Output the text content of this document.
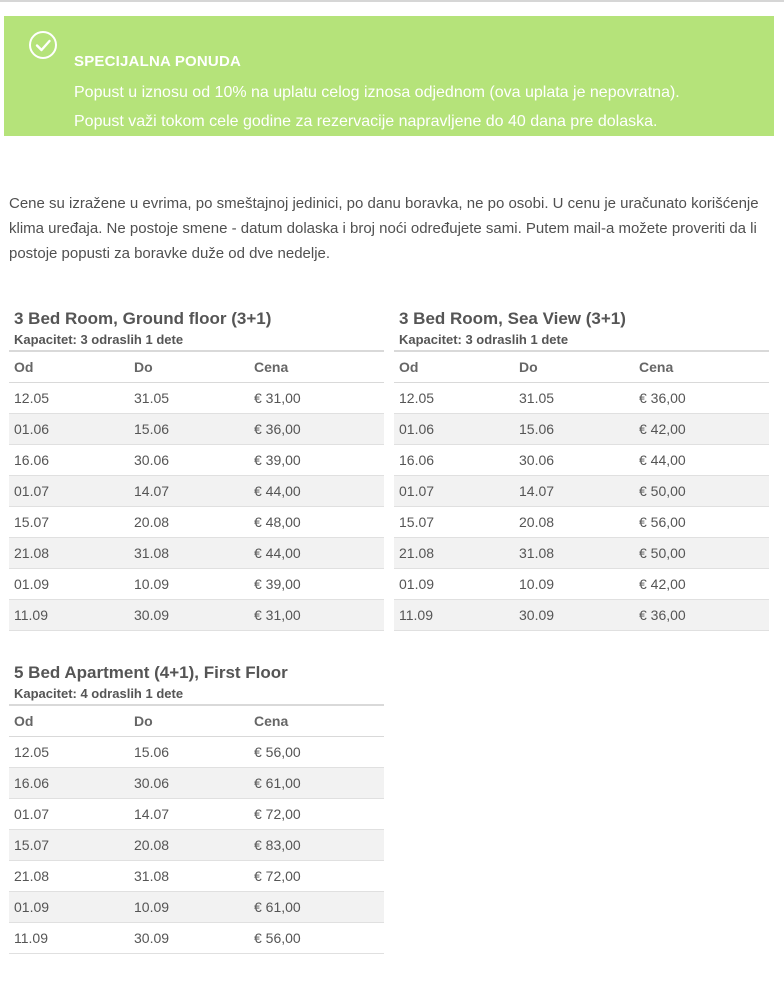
SPECIJALNA PONUDA
Popust u iznosu od 10% na uplatu celog iznosa odjednom (ova uplata je nepovratna).
Popust važi tokom cele godine za rezervacije napravljene do 40 dana pre dolaska.
Cene su izražene u evrima, po smeštajnoj jedinici, po danu boravka, ne po osobi. U cenu je uračunato korišćenje
klima uređaja. Ne postoje smene - datum dolaska i broj noći određujete sami. Putem mail-a možete proveriti da li
postoje popusti za boravke duže od dve nedelje.
3 Bed Room, Ground floor (3+1)
Kapacitet: 3 odraslih 1 dete
Od	Do	Cena
12.05	31.05	€ 31,00
01.06	15.06	€ 36,00
16.06	30.06	€ 39,00
01.07	14.07	€ 44,00
15.07	20.08	€ 48,00
21.08	31.08	€ 44,00
01.09	10.09	€ 39,00
11.09	30.09	€ 31,00
3 Bed Room, Sea View (3+1)
Kapacitet: 3 odraslih 1 dete
Od	Do	Cena
12.05	31.05	€ 36,00
01.06	15.06	€ 42,00
16.06	30.06	€ 44,00
01.07	14.07	€ 50,00
15.07	20.08	€ 56,00
21.08	31.08	€ 50,00
01.09	10.09	€ 42,00
11.09	30.09	€ 36,00
5 Bed Apartment (4+1), First Floor
Kapacitet: 4 odraslih 1 dete
Od	Do	Cena
12.05	15.06	€ 56,00
16.06	30.06	€ 61,00
01.07	14.07	€ 72,00
15.07	20.08	€ 83,00
21.08	31.08	€ 72,00
01.09	10.09	€ 61,00
11.09	30.09	€ 56,00
